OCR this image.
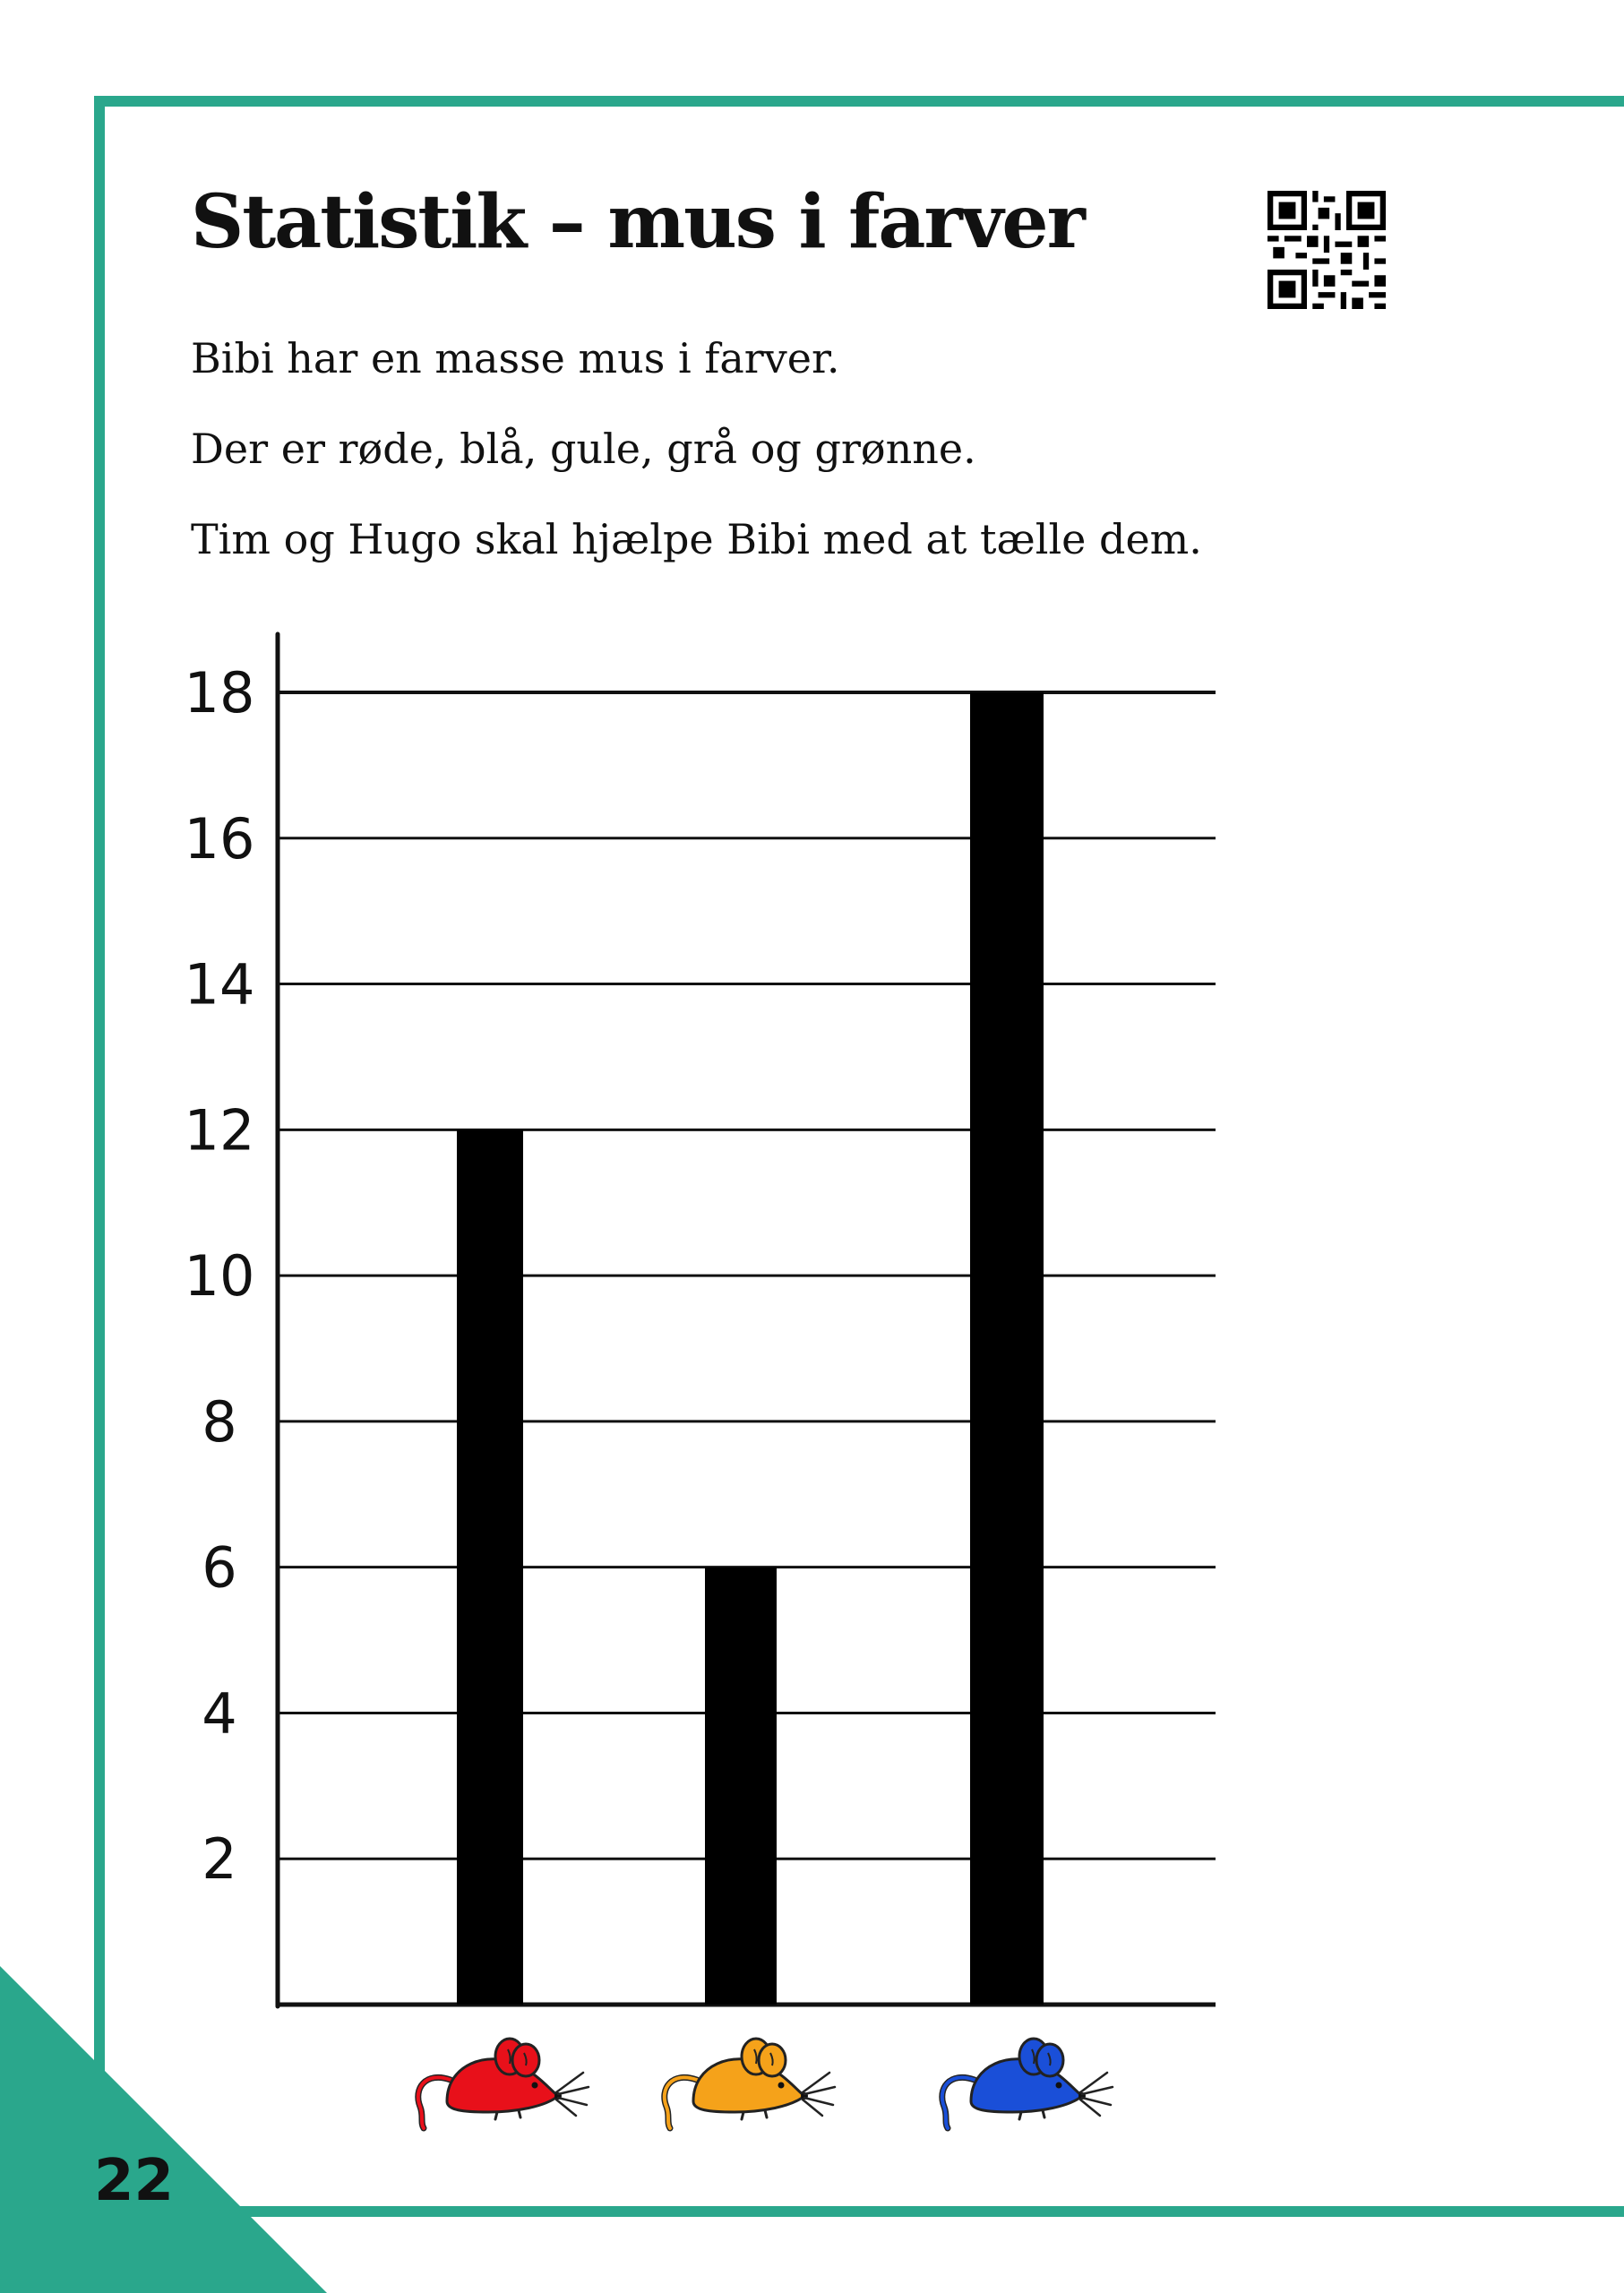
22
Statistik – mus i farver

Bibi har en masse mus i farver.

Der er røde, blå, gule, grå og grønne.

Tim og Hugo skal hjælpe Bibi med at tælle dem.

2
4
6
8
10
12
14
16
18
